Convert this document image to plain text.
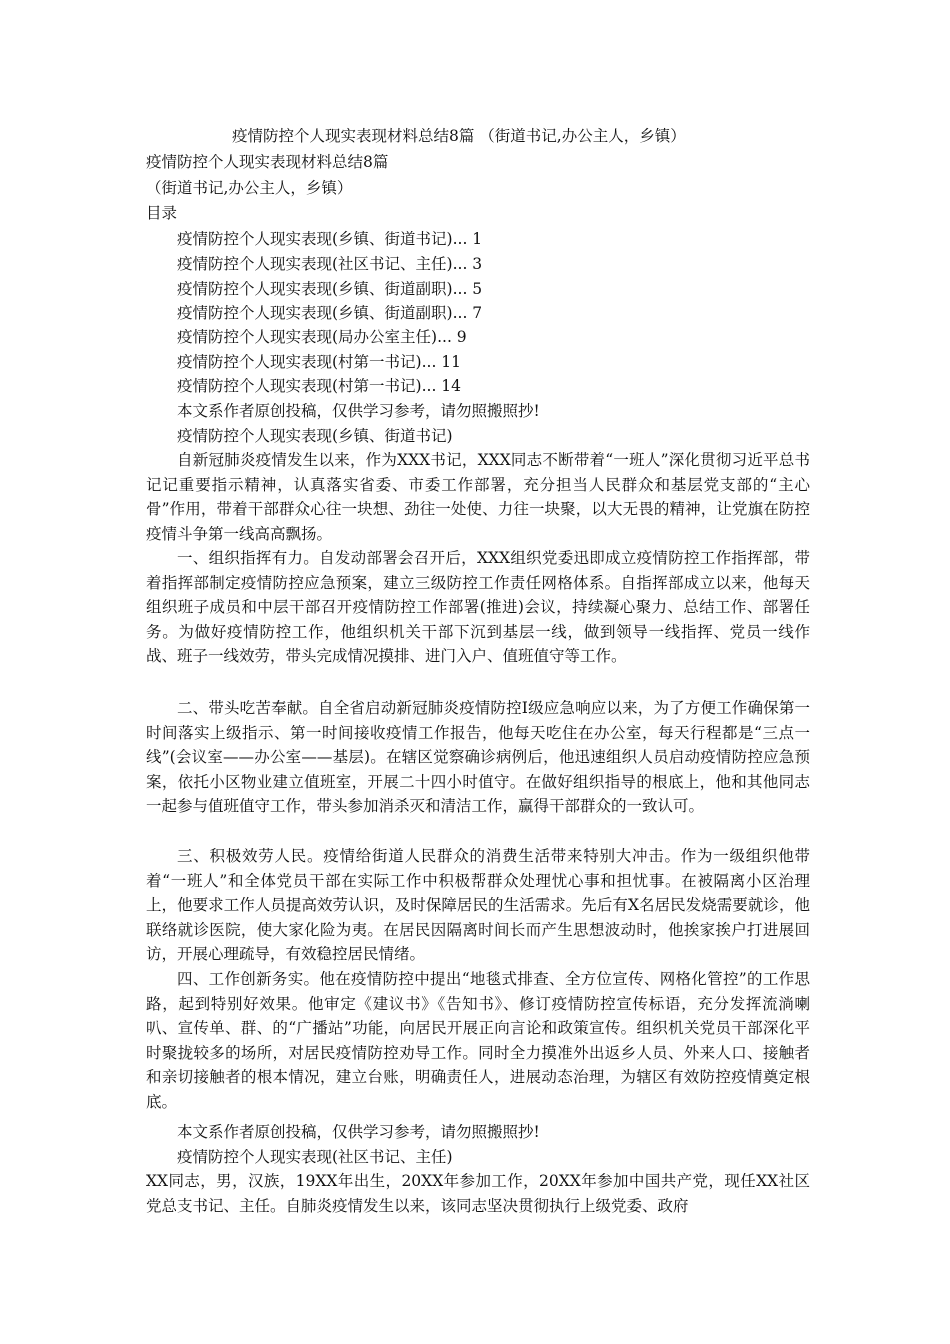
疫情防控个人现实表现材料总结8篇 （街道书记,办公主人，乡镇）
疫情防控个人现实表现材料总结8篇
（街道书记,办公主人，乡镇）
目录
疫情防控个人现实表现(乡镇、街道书记)... 1
疫情防控个人现实表现(社区书记、主任)... 3
疫情防控个人现实表现(乡镇、街道副职)... 5
疫情防控个人现实表现(乡镇、街道副职)... 7
疫情防控个人现实表现(局办公室主任)... 9
疫情防控个人现实表现(村第一书记)... 11
疫情防控个人现实表现(村第一书记)... 14
本文系作者原创投稿，仅供学习参考，请勿照搬照抄!
疫情防控个人现实表现(乡镇、街道书记)
自新冠肺炎疫情发生以来，作为XXX书记，XXX同志不断带着“一班人”深化贯彻习近平总书记记重要指示精神，认真落实省委、市委工作部署，充分担当人民群众和基层党支部的“主心骨”作用，带着干部群众心往一块想、劲往一处使、力往一块聚，以大无畏的精神，让党旗在防控疫情斗争第一线高高飘扬。
一、组织指挥有力。自发动部署会召开后，XXX组织党委迅即成立疫情防控工作指挥部，带着指挥部制定疫情防控应急预案，建立三级防控工作责任网格体系。自指挥部成立以来，他每天组织班子成员和中层干部召开疫情防控工作部署(推进)会议，持续凝心聚力、总结工作、部署任务。为做好疫情防控工作，他组织机关干部下沉到基层一线，做到领导一线指挥、党员一线作战、班子一线效劳，带头完成情况摸排、进门入户、值班值守等工作。
二、带头吃苦奉献。自全省启动新冠肺炎疫情防控Ⅰ级应急响应以来，为了方便工作确保第一时间落实上级指示、第一时间接收疫情工作报告，他每天吃住在办公室，每天行程都是“三点一线”(会议室——办公室——基层)。在辖区觉察确诊病例后，他迅速组织人员启动疫情防控应急预案，依托小区物业建立值班室，开展二十四小时值守。在做好组织指导的根底上，他和其他同志一起参与值班值守工作，带头参加消杀灭和清洁工作，赢得干部群众的一致认可。
三、积极效劳人民。疫情给街道人民群众的消费生活带来特别大冲击。作为一级组织他带着“一班人”和全体党员干部在实际工作中积极帮群众处理忧心事和担忧事。在被隔离小区治理上，他要求工作人员提高效劳认识，及时保障居民的生活需求。先后有X名居民发烧需要就诊，他联络就诊医院，使大家化险为夷。在居民因隔离时间长而产生思想波动时，他挨家挨户打进展回访，开展心理疏导，有效稳控居民情绪。
四、工作创新务实。他在疫情防控中提出“地毯式排查、全方位宣传、网格化管控”的工作思路，起到特别好效果。他审定《建议书》《告知书》、修订疫情防控宣传标语，充分发挥流淌喇叭、宣传单、群、的“广播站”功能，向居民开展正向言论和政策宣传。组织机关党员干部深化平时聚拢较多的场所，对居民疫情防控劝导工作。同时全力摸准外出返乡人员、外来人口、接触者和亲切接触者的根本情况，建立台账，明确责任人，进展动态治理，为辖区有效防控疫情奠定根底。
本文系作者原创投稿，仅供学习参考，请勿照搬照抄!
疫情防控个人现实表现(社区书记、主任)
XX同志，男，汉族，19XX年出生，20XX年参加工作，20XX年参加中国共产党，现任XX社区党总支书记、主任。自肺炎疫情发生以来，该同志坚决贯彻执行上级党委、政府
